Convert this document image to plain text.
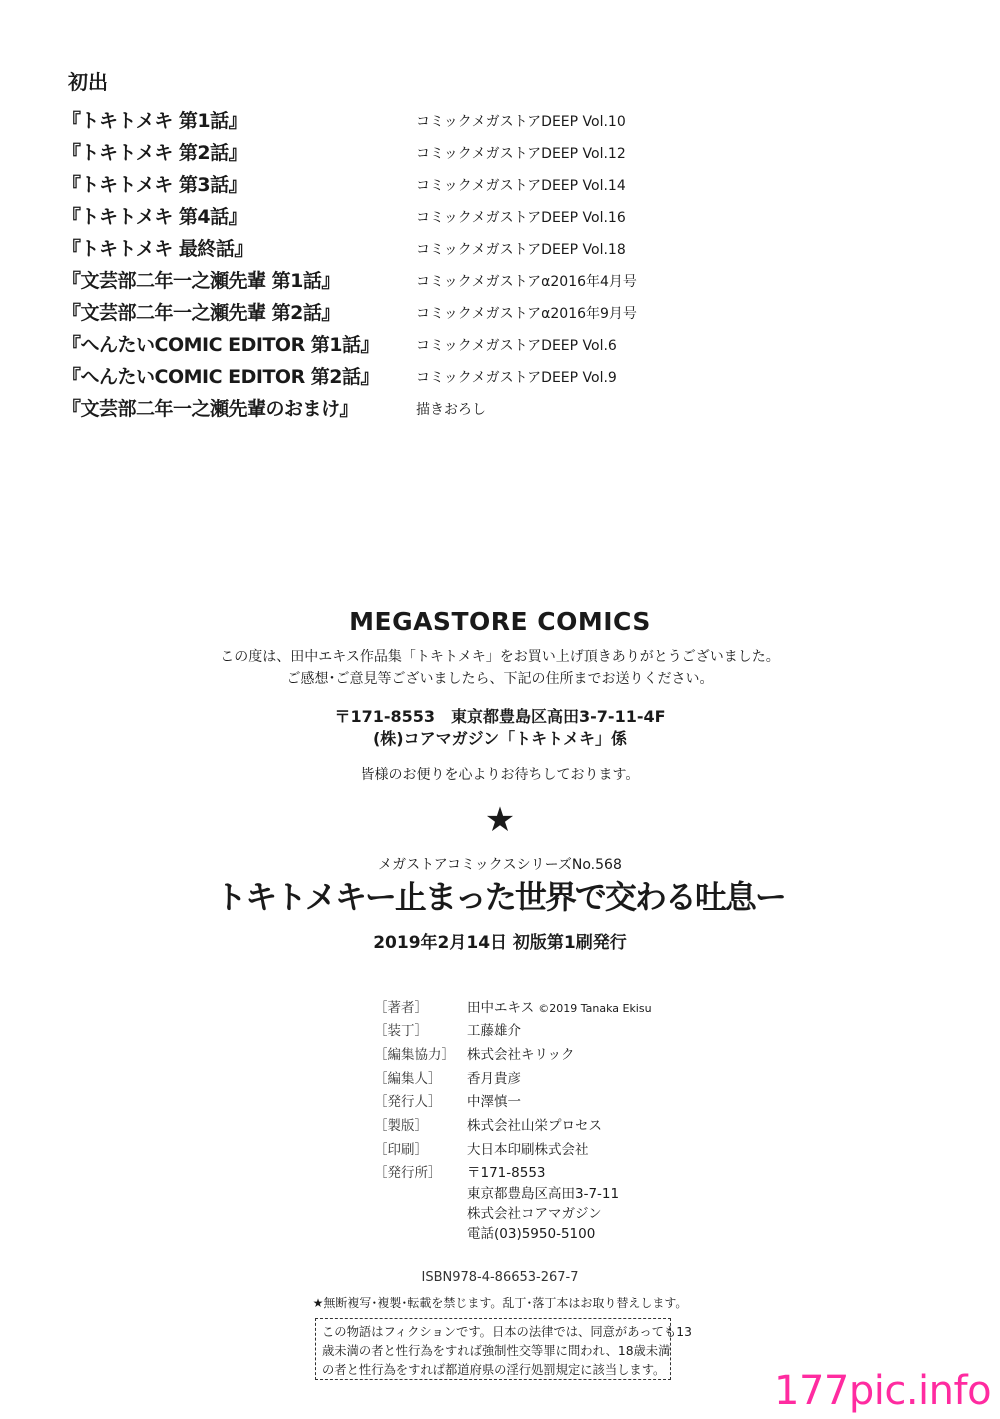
初出
『トキトメキ 第1話』	コミックメガストアDEEP Vol.10
『トキトメキ 第2話』	コミックメガストアDEEP Vol.12
『トキトメキ 第3話』	コミックメガストアDEEP Vol.14
『トキトメキ 第4話』	コミックメガストアDEEP Vol.16
『トキトメキ 最終話』	コミックメガストアDEEP Vol.18
『文芸部二年一之瀬先輩 第1話』	コミックメガストアα2016年4月号
『文芸部二年一之瀬先輩 第2話』	コミックメガストアα2016年9月号
『へんたいCOMIC EDITOR 第1話』	コミックメガストアDEEP Vol.6
『へんたいCOMIC EDITOR 第2話』	コミックメガストアDEEP Vol.9
『文芸部二年一之瀬先輩のおまけ』	描きおろし
MEGASTORE COMICS
この度は、田中エキス作品集「トキトメキ」をお買い上げ頂きありがとうございました。
ご感想･ご意見等ございましたら、下記の住所までお送りください。
〒171-8553　東京都豊島区高田3-7-11-4F
(株)コアマガジン「トキトメキ」係
皆様のお便りを心よりお待ちしております。
★
メガストアコミックスシリーズNo.568
トキトメキー止まった世界で交わる吐息ー
2019年2月14日 初版第1刷発行
［著者］	田中エキス ©2019 Tanaka Ekisu
［装丁］	工藤雄介
［編集協力］ 株式会社キリック
［編集人］ 香月貴彦
［発行人］ 中澤慎一
［製版］	株式会社山栄プロセス
［印刷］	大日本印刷株式会社
［発行所］ 〒171-8553
東京都豊島区高田3-7-11
株式会社コアマガジン
電話(03)5950-5100
ISBN978-4-86653-267-7
★無断複写･複製･転載を禁じます。乱丁･落丁本はお取り替えします。
この物語はフィクションです。日本の法律では、同意があっても13
歳未満の者と性行為をすれば強制性交等罪に問われ、18歳未満
の者と性行為をすれば都道府県の淫行処罰規定に該当します。	177pic.info
